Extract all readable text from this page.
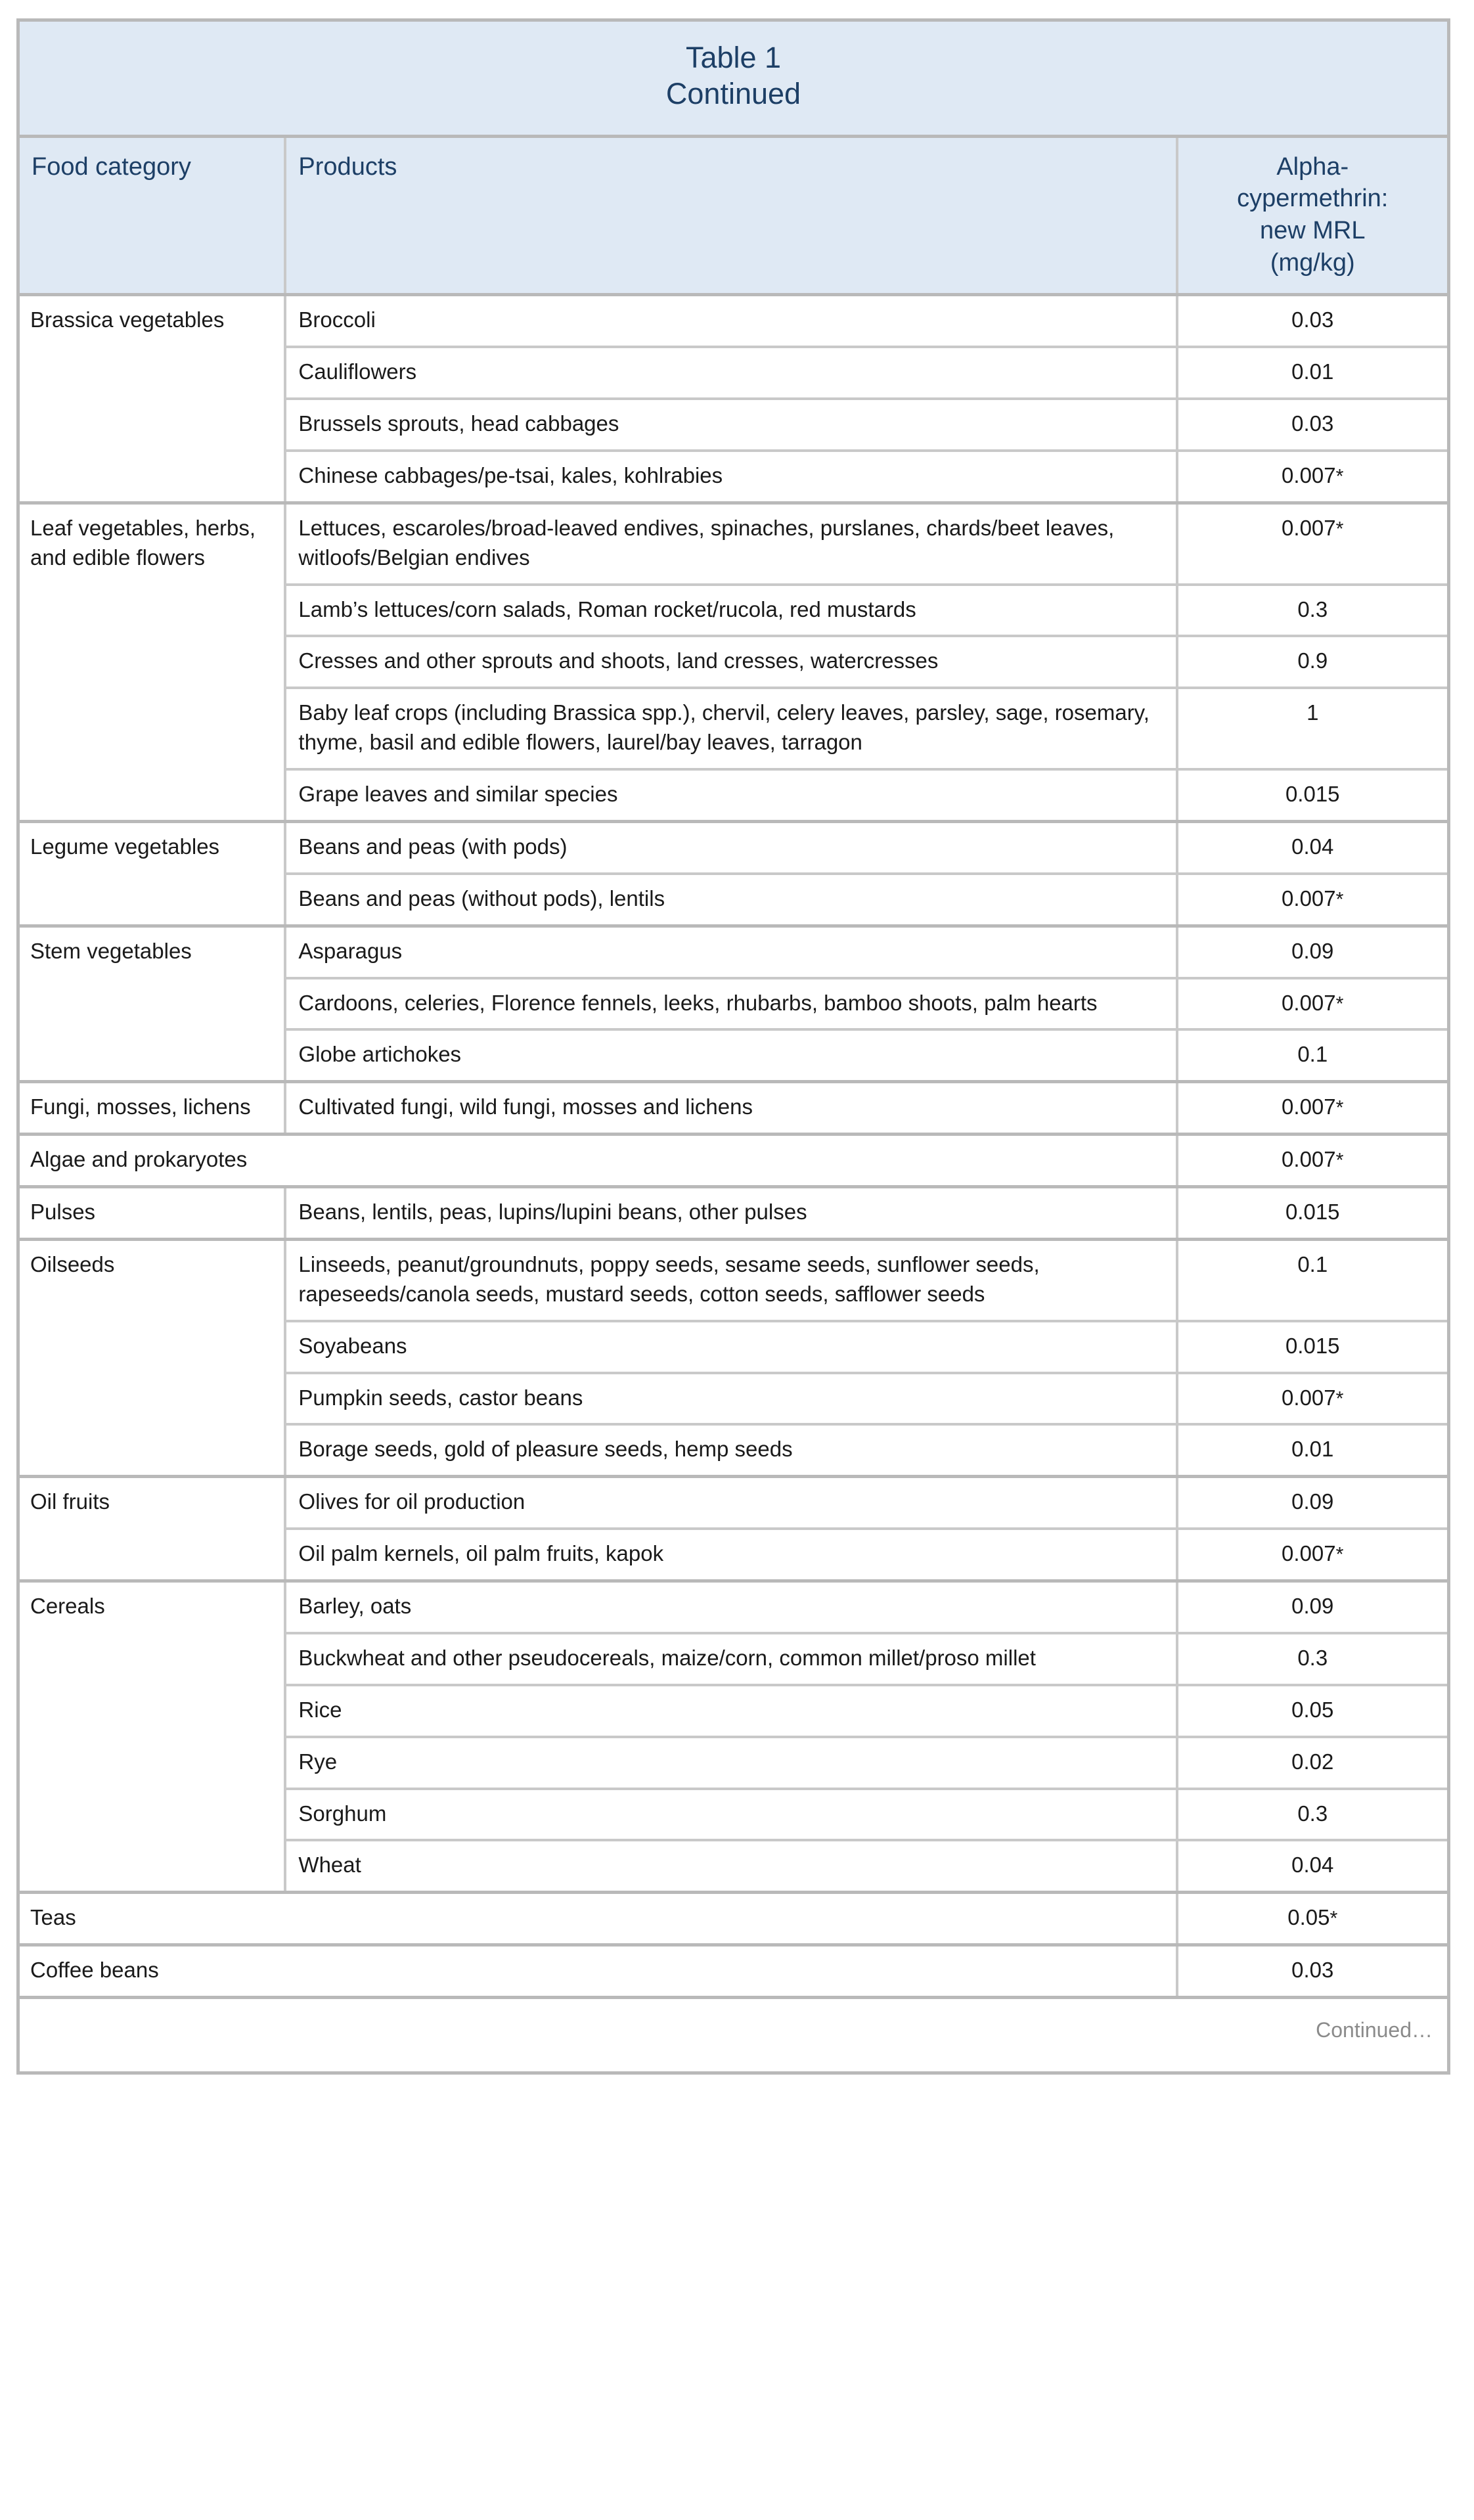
Table 1
Continued		

Food category	Products	Alpha-
cypermethrin:
new MRL
(mg/kg)
Brassica vegetables	Broccoli	0.03
	Cauliflowers	0.01
	Brussels sprouts, head cabbages	0.03
	Chinese cabbages/pe-tsai, kales, kohlrabies	0.007*
Leaf vegetables, herbs, and edible flowers	Lettuces, escaroles/broad-leaved endives, spinaches, purslanes, chards/beet leaves, witloofs/Belgian endives	0.007*
	Lamb’s lettuces/corn salads, Roman rocket/rucola, red mustards	0.3
	Cresses and other sprouts and shoots, land cresses, watercresses	0.9
	Baby leaf crops (including Brassica spp.), chervil, celery leaves, parsley, sage, rosemary, thyme, basil and edible flowers, laurel/bay leaves, tarragon	1
	Grape leaves and similar species	0.015
Legume vegetables	Beans and peas (with pods)	0.04
	Beans and peas (without pods), lentils	0.007*
Stem vegetables	Asparagus	0.09
	Cardoons, celeries, Florence fennels, leeks, rhubarbs, bamboo shoots, palm hearts	0.007*
	Globe artichokes	0.1
Fungi, mosses, lichens	Cultivated fungi, wild fungi, mosses and lichens	0.007*
Algae and prokaryotes		0.007*
Pulses	Beans, lentils, peas, lupins/lupini beans, other pulses	0.015
Oilseeds	Linseeds, peanut/groundnuts, poppy seeds, sesame seeds, sunflower seeds, rapeseeds/canola seeds, mustard seeds, cotton seeds, safflower seeds	0.1
	Soyabeans	0.015
	Pumpkin seeds, castor beans	0.007*
	Borage seeds, gold of pleasure seeds, hemp seeds	0.01
Oil fruits	Olives for oil production	0.09
	Oil palm kernels, oil palm fruits, kapok	0.007*
Cereals	Barley, oats	0.09
	Buckwheat and other pseudocereals, maize/corn, common millet/proso millet	0.3
	Rice	0.05
	Rye	0.02
	Sorghum	0.3
	Wheat	0.04
Teas		0.05*
Coffee beans		0.03
Continued…		
